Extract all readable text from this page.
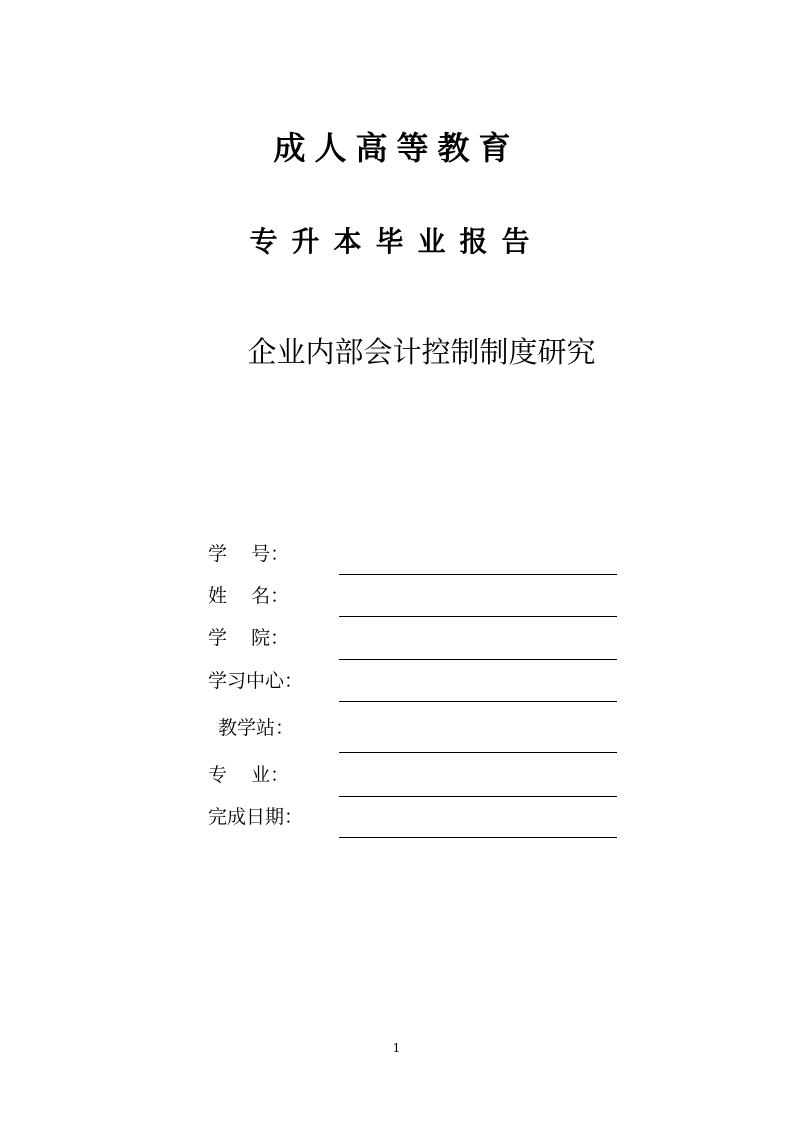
成人高等教育
专升本毕业报告
企业内部会计控制制度研究
学    号：
姓    名：
学    院：
学习中心：
教学站：
专    业：
完成日期：
1
